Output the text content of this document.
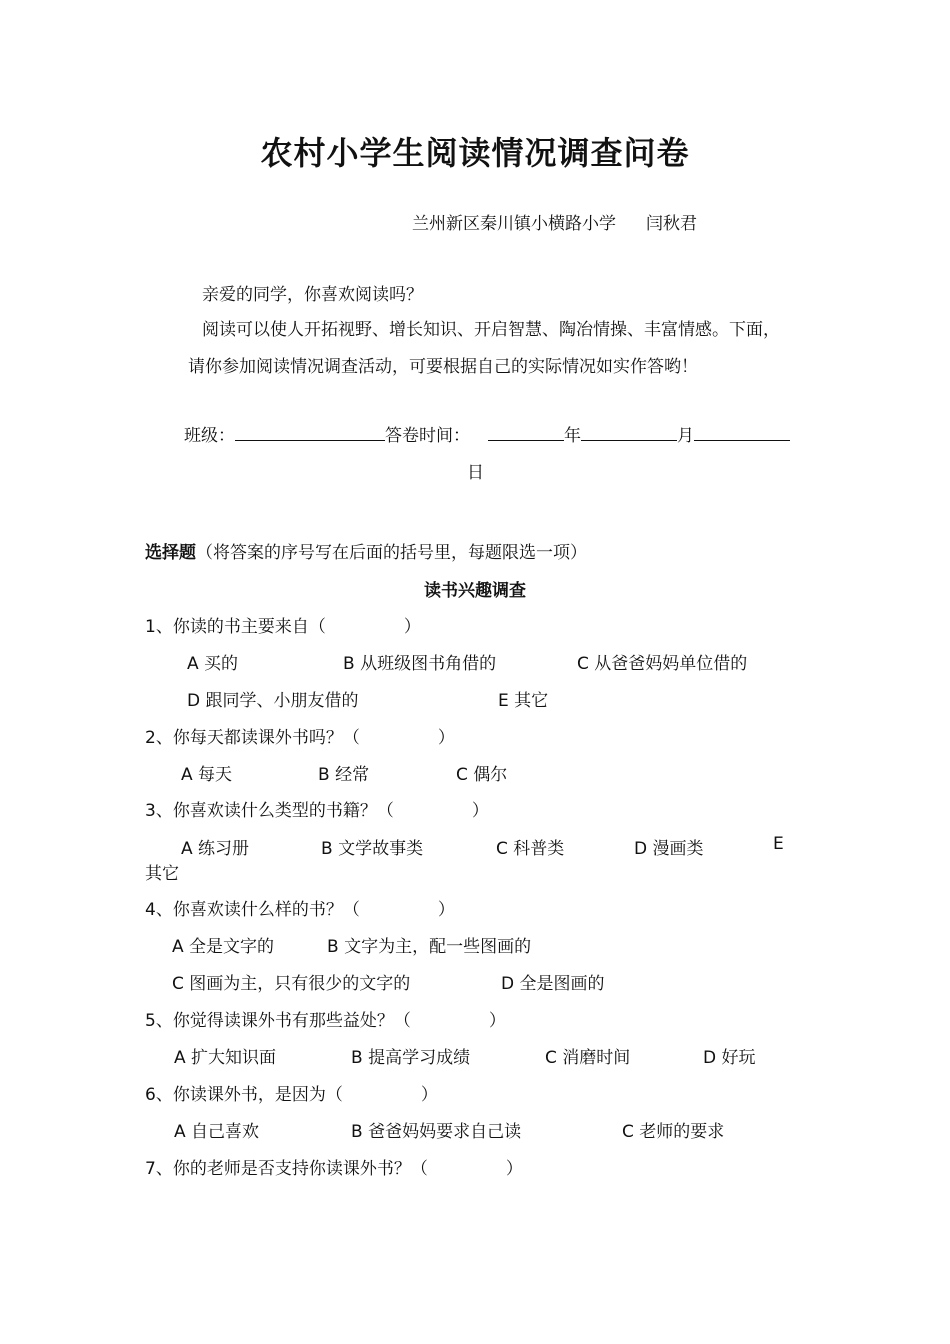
农村小学生阅读情况调查问卷
兰州新区秦川镇小横路小学 闫秋君
亲爱的同学，你喜欢阅读吗？
阅读可以使人开拓视野、增长知识、开启智慧、陶冶情操、丰富情感。下面，
请你参加阅读情况调查活动，可要根据自己的实际情况如实作答哟！
班级：	答卷时间：	年	月
日
选择题（将答案的序号写在后面的括号里，每题限选一项）
读书兴趣调查
1、你读的书主要来自（	）
A 买的	B 从班级图书角借的	C 从爸爸妈妈单位借的
D 跟同学、小朋友借的	E 其它
2、你每天都读课外书吗？（	）
A 每天	B 经常	C 偶尔
3、你喜欢读什么类型的书籍？（	）
A 练习册	B 文学故事类	C 科普类	D 漫画类	E
其它
4、你喜欢读什么样的书？（	）
A 全是文字的	B 文字为主，配一些图画的
C 图画为主，只有很少的文字的	D 全是图画的
5、你觉得读课外书有那些益处？（	）
A 扩大知识面	B 提高学习成绩	C 消磨时间	D 好玩
6、你读课外书，是因为（	）
A 自己喜欢	B 爸爸妈妈要求自己读	C 老师的要求
7、你的老师是否支持你读课外书？（	）
